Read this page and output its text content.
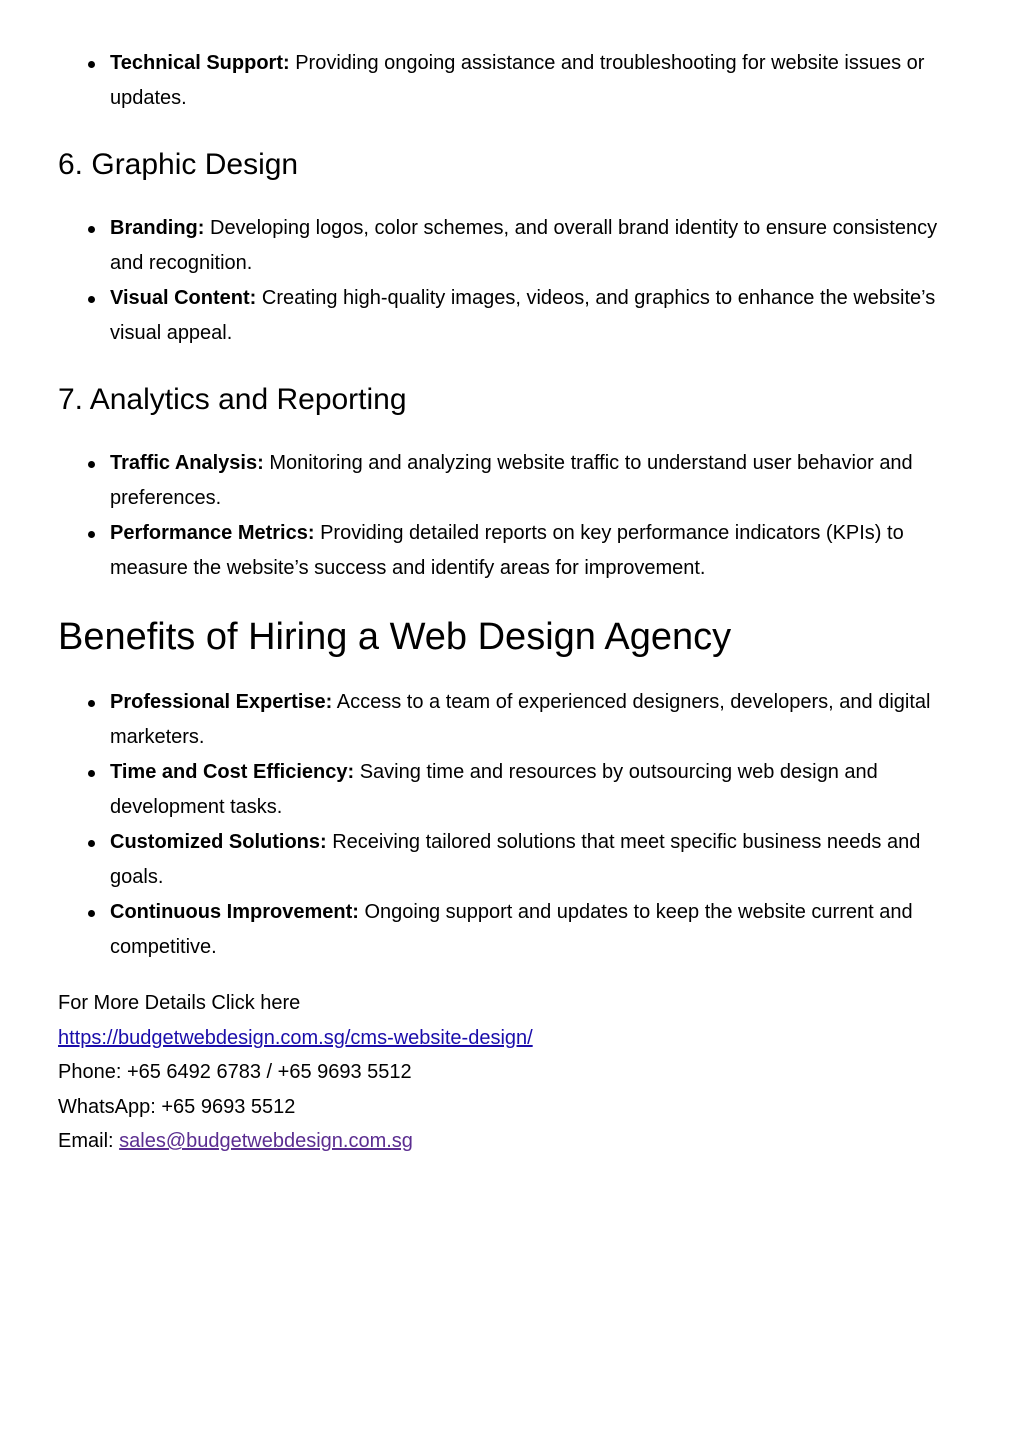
Technical Support: Providing ongoing assistance and troubleshooting for website issues or updates.
6. Graphic Design
Branding: Developing logos, color schemes, and overall brand identity to ensure consistency and recognition.
Visual Content: Creating high-quality images, videos, and graphics to enhance the website’s visual appeal.
7. Analytics and Reporting
Traffic Analysis: Monitoring and analyzing website traffic to understand user behavior and preferences.
Performance Metrics: Providing detailed reports on key performance indicators (KPIs) to measure the website’s success and identify areas for improvement.
Benefits of Hiring a Web Design Agency
Professional Expertise: Access to a team of experienced designers, developers, and digital marketers.
Time and Cost Efficiency: Saving time and resources by outsourcing web design and development tasks.
Customized Solutions: Receiving tailored solutions that meet specific business needs and goals.
Continuous Improvement: Ongoing support and updates to keep the website current and competitive.

For More Details Click here

https://budgetwebdesign.com.sg/cms-website-design/

Phone: +65 6492 6783 / +65 9693 5512

WhatsApp: +65 9693 5512

Email: sales@budgetwebdesign.com.sg
